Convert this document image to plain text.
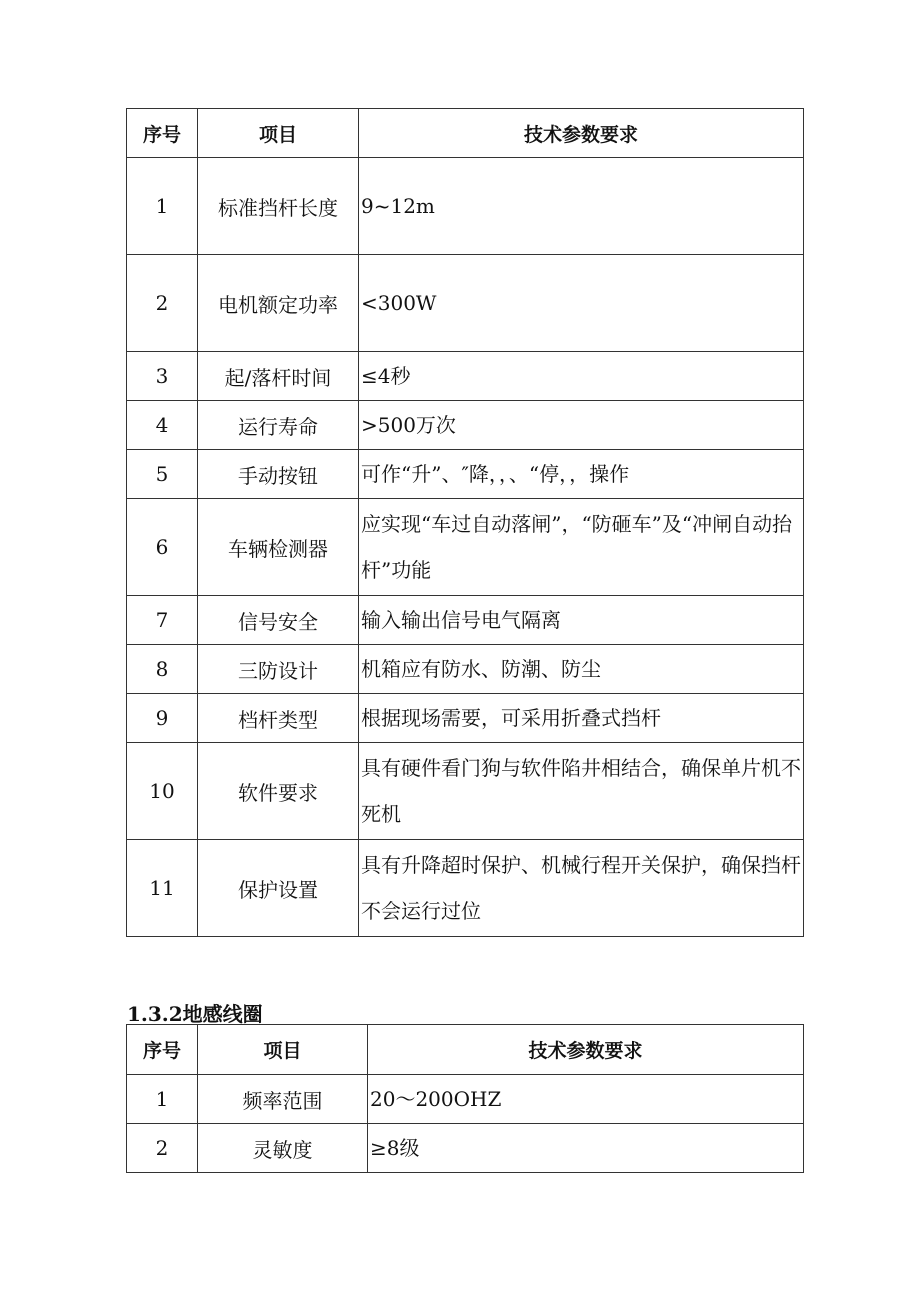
序号	项目	技术参数要求
1	标准挡杆长度	9~12m
2	电机额定功率	<300W
3	起/落杆时间	≤4秒
4	运行寿命	>500万次
5	手动按钮	可作“升”、″降，，、“停，，操作
6	车辆检测器	应实现“车过自动落闸”，“防砸车”及“冲闸自动抬杆”功能
7	信号安全	输入输出信号电气隔离
8	三防设计	机箱应有防水、防潮、防尘
9	档杆类型	根据现场需要，可采用折叠式挡杆
10	软件要求	具有硬件看门狗与软件陷井相结合，确保单片机不死机
11	保护设置	具有升降超时保护、机械行程开关保护，确保挡杆不会运行过位
1.3.2地感线圈
序号	项目	技术参数要求
1	频率范围	20～200OHZ
2	灵敏度	≥8级
